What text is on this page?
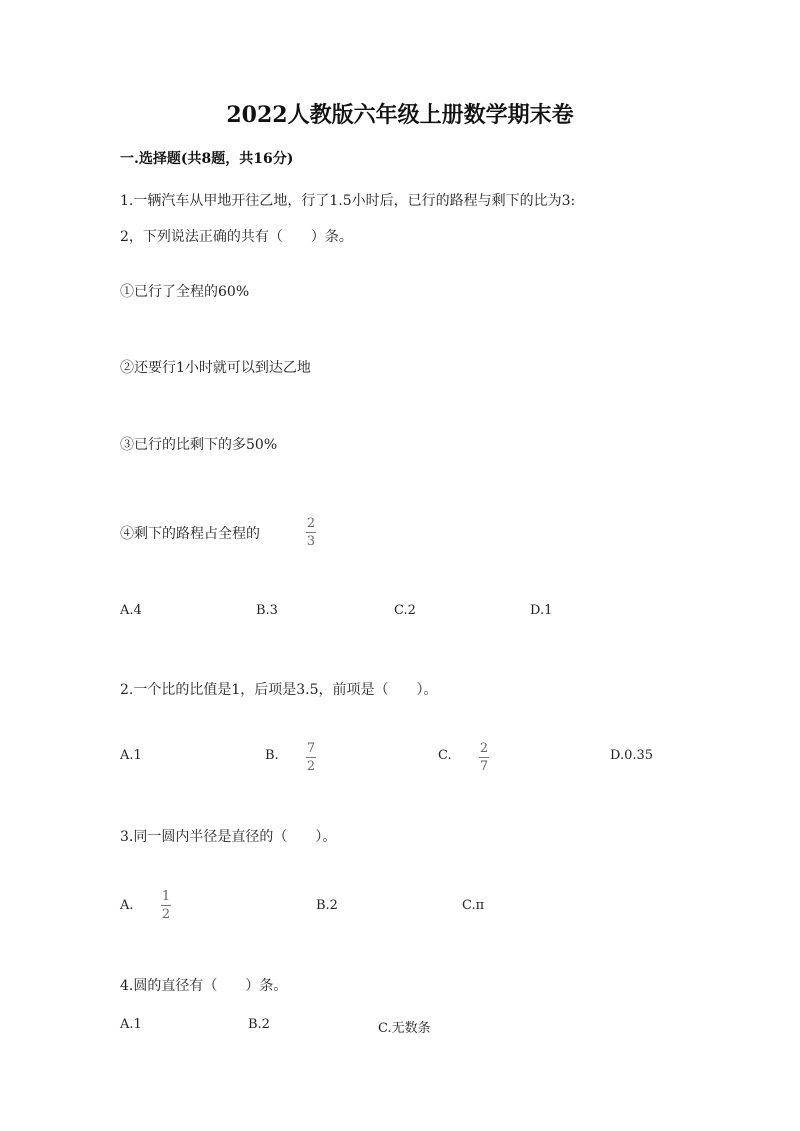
2022人教版六年级上册数学期末卷
一.选择题(共8题，共16分)
1.一辆汽车从甲地开往乙地，行了1.5小时后，已行的路程与剩下的比为3:
2，下列说法正确的共有（　　）条。
①已行了全程的60%
②还要行1小时就可以到达乙地
③已行的比剩下的多50%
④剩下的路程占全程的
2
3
A.4	B.3	C.2	D.1
2.一个比的比值是1，后项是3.5，前项是（　　）。
A.1	B. 7
2
C. 2
7
D.0.35
3.同一圆内半径是直径的（　　）。
A.
1
2
B.2	C.π
4.圆的直径有（　　）条。
A.1	B.2	C.无数条
